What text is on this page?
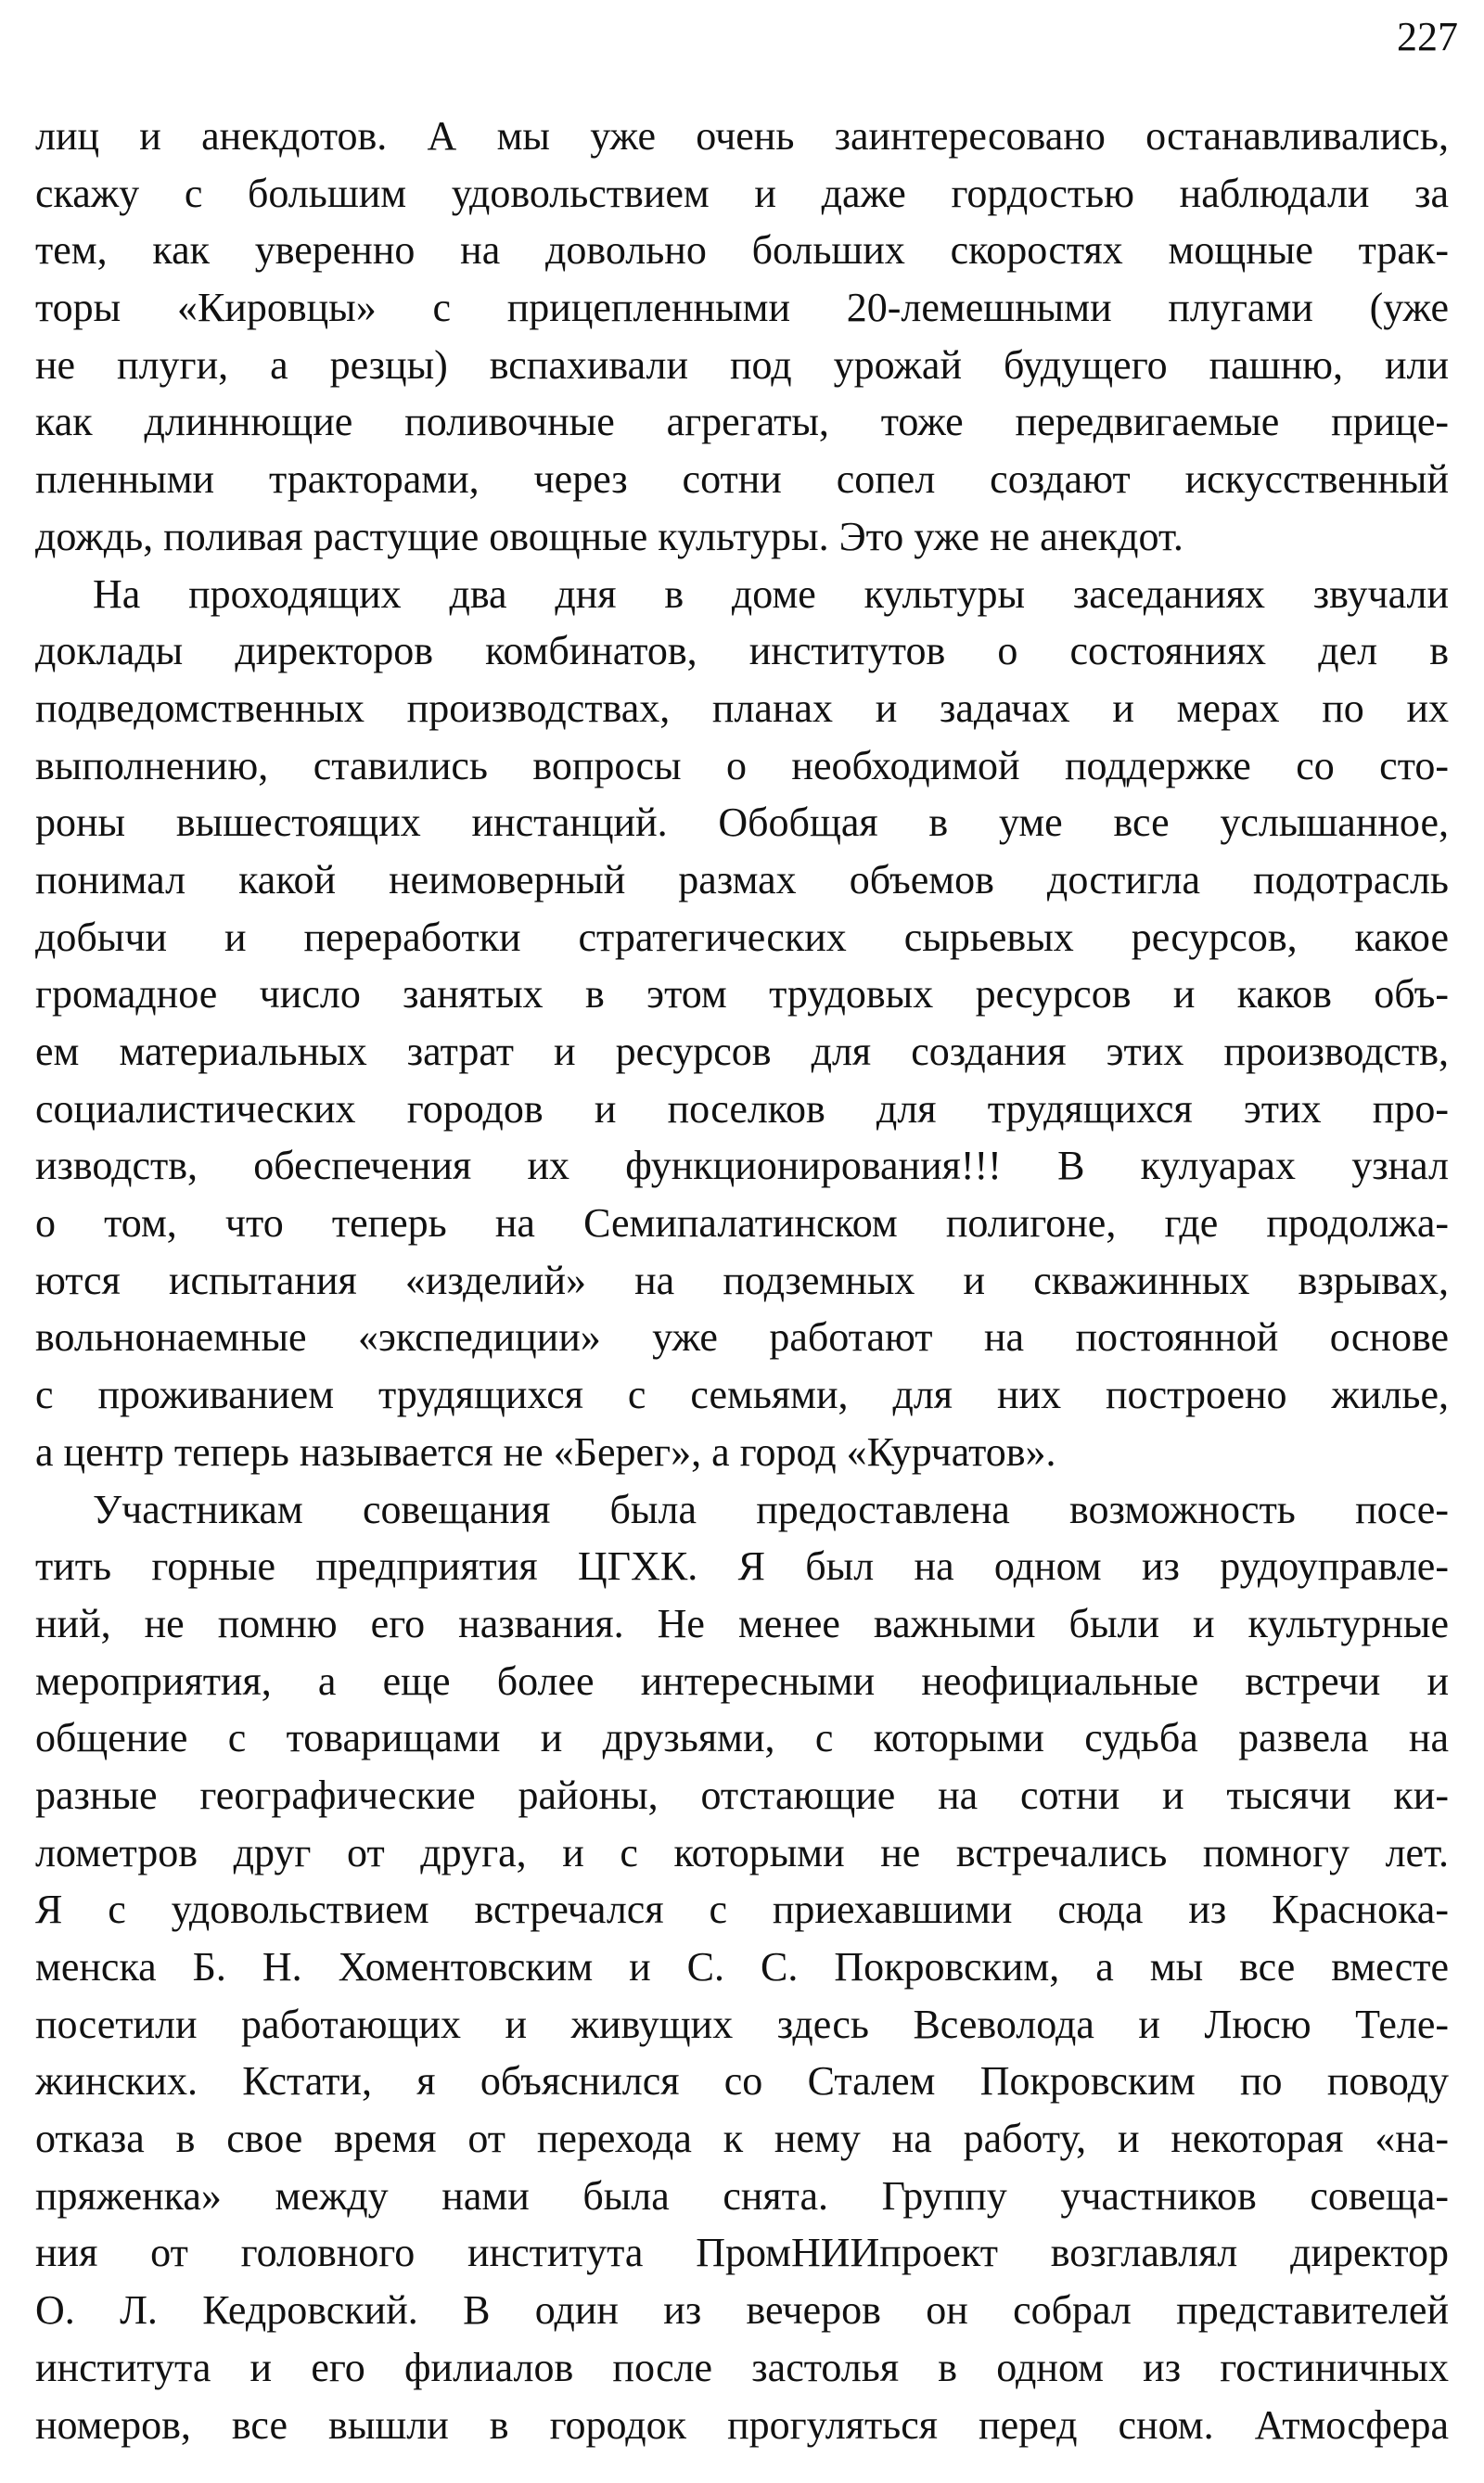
227
лиц и анекдотов. А мы уже очень заинтересовано останавливались,
скажу с большим удовольствием и даже гордостью наблюдали за
тем, как уверенно на довольно больших скоростях мощные трак-
торы «Кировцы» с прицепленными 20-лемешными плугами (уже
не плуги, а резцы) вспахивали под урожай будущего пашню, или
как длиннющие поливочные агрегаты, тоже передвигаемые прице-
пленными тракторами, через сотни сопел создают искусственный
дождь, поливая растущие овощные культуры. Это уже не анекдот.
На проходящих два дня в доме культуры заседаниях звучали
доклады директоров комбинатов, институтов о состояниях дел в
подведомственных производствах, планах и задачах и мерах по их
выполнению, ставились вопросы о необходимой поддержке со сто-
роны вышестоящих инстанций. Обобщая в уме все услышанное,
понимал какой неимоверный размах объемов достигла подотрасль
добычи и переработки стратегических сырьевых ресурсов, какое
громадное число занятых в этом трудовых ресурсов и каков объ-
ем материальных затрат и ресурсов для создания этих производств,
социалистических городов и поселков для трудящихся этих про-
изводств, обеспечения их функционирования!!! В кулуарах узнал
о том, что теперь на Семипалатинском полигоне, где продолжа-
ются испытания «изделий» на подземных и скважинных взрывах,
вольнонаемные «экспедиции» уже работают на постоянной основе
с проживанием трудящихся с семьями, для них построено жилье,
а центр теперь называется не «Берег», а город «Курчатов».
Участникам совещания была предоставлена возможность посе-
тить горные предприятия ЦГХК. Я был на одном из рудоуправле-
ний, не помню его названия. Не менее важными были и культурные
мероприятия, а еще более интересными неофициальные встречи и
общение с товарищами и друзьями, с которыми судьба развела на
разные географические районы, отстающие на сотни и тысячи ки-
лометров друг от друга, и с которыми не встречались помногу лет.
Я с удовольствием встречался с приехавшими сюда из Краснока-
менска Б. Н. Хоментовским и С. С. Покровским, а мы все вместе
посетили работающих и живущих здесь Всеволода и Люсю Теле-
жинских. Кстати, я объяснился со Сталем Покровским по поводу
отказа в свое время от перехода к нему на работу, и некоторая «на-
пряженка» между нами была снята. Группу участников совеща-
ния от головного института ПромНИИпроект возглавлял директор
О. Л. Кедровский. В один из вечеров он собрал представителей
института и его филиалов после застолья в одном из гостиничных
номеров, все вышли в городок прогуляться перед сном. Атмосфера
